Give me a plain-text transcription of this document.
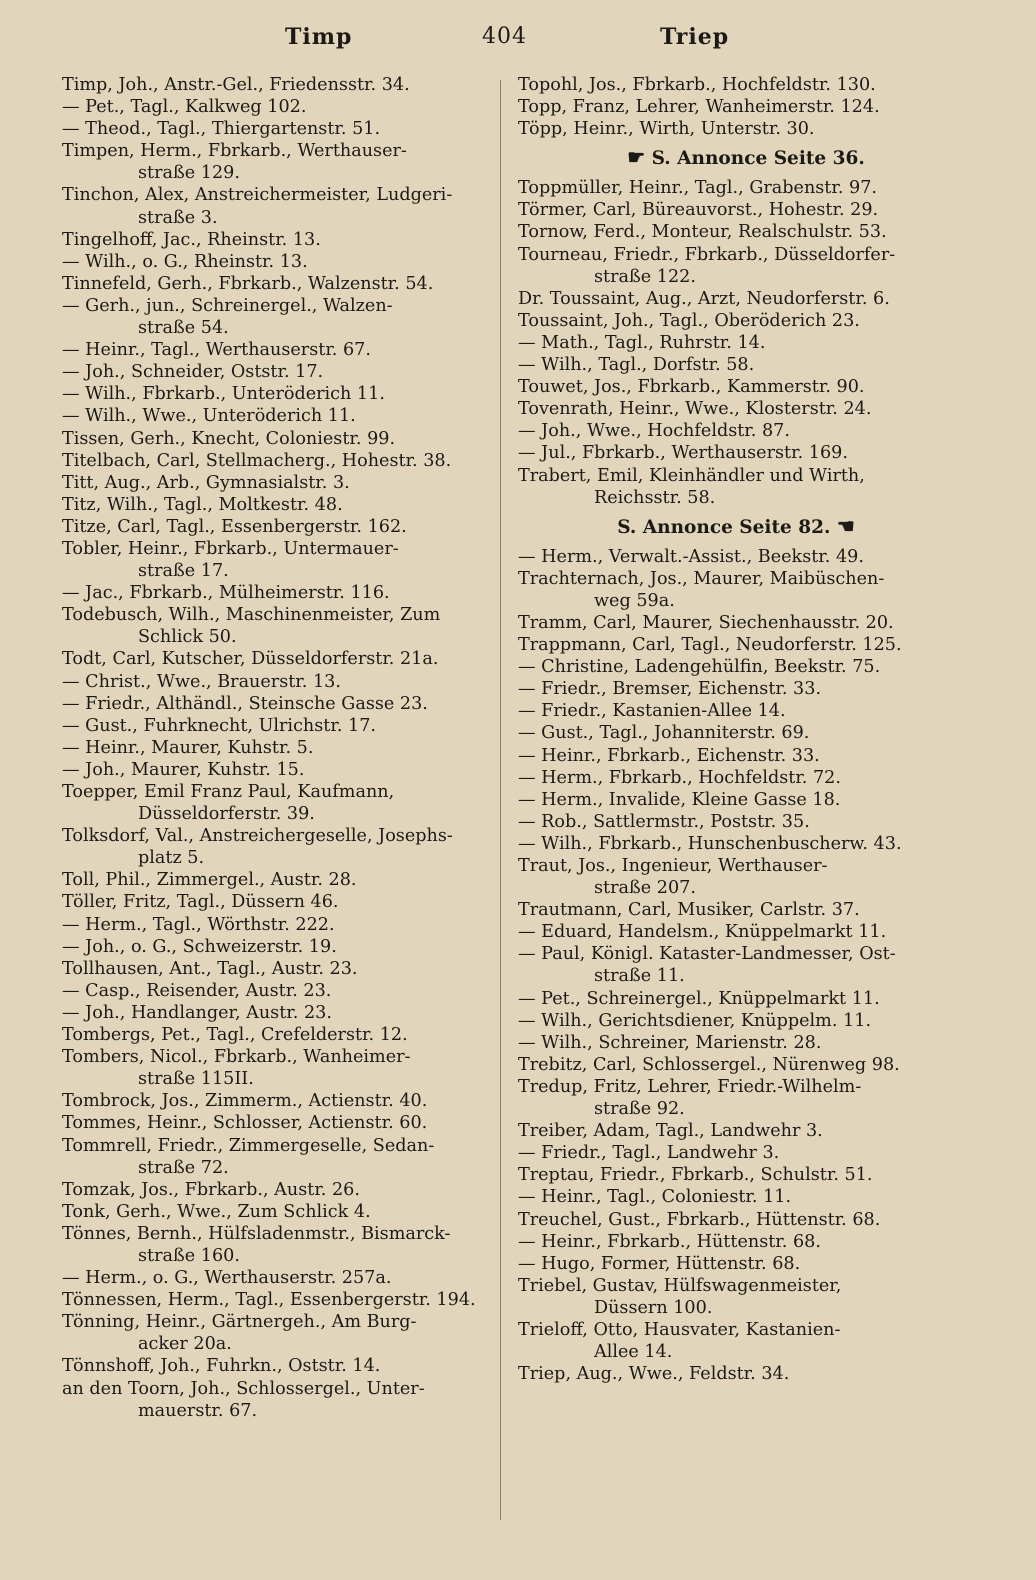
Timp	404	Triep
Timp, Joh., Anstr.-Gel., Friedensstr. 34.
— Pet., Tagl., Kalkweg 102.
— Theod., Tagl., Thiergartenstr. 51.
Timpen, Herm., Fbrkarb., Werthauser-
straße 129.
Tinchon, Alex, Anstreichermeister, Ludgeri-
straße 3.
Tingelhoff, Jac., Rheinstr. 13.
— Wilh., o. G., Rheinstr. 13.
Tinnefeld, Gerh., Fbrkarb., Walzenstr. 54.
— Gerh., jun., Schreinergel., Walzen-
straße 54.
— Heinr., Tagl., Werthauserstr. 67.
— Joh., Schneider, Oststr. 17.
— Wilh., Fbrkarb., Unteröderich 11.
— Wilh., Wwe., Unteröderich 11.
Tissen, Gerh., Knecht, Coloniestr. 99.
Titelbach, Carl, Stellmacherg., Hohestr. 38.
Titt, Aug., Arb., Gymnasialstr. 3.
Titz, Wilh., Tagl., Moltkestr. 48.
Titze, Carl, Tagl., Essenbergerstr. 162.
Tobler, Heinr., Fbrkarb., Untermauer-
straße 17.
— Jac., Fbrkarb., Mülheimerstr. 116.
Todebusch, Wilh., Maschinenmeister, Zum
Schlick 50.
Todt, Carl, Kutscher, Düsseldorferstr. 21a.
— Christ., Wwe., Brauerstr. 13.
— Friedr., Althändl., Steinsche Gasse 23.
— Gust., Fuhrknecht, Ulrichstr. 17.
— Heinr., Maurer, Kuhstr. 5.
— Joh., Maurer, Kuhstr. 15.
Toepper, Emil Franz Paul, Kaufmann,
Düsseldorferstr. 39.
Tolksdorf, Val., Anstreichergeselle, Josephs-
platz 5.
Toll, Phil., Zimmergel., Austr. 28.
Töller, Fritz, Tagl., Düssern 46.
— Herm., Tagl., Wörthstr. 222.
— Joh., o. G., Schweizerstr. 19.
Tollhausen, Ant., Tagl., Austr. 23.
— Casp., Reisender, Austr. 23.
— Joh., Handlanger, Austr. 23.
Tombergs, Pet., Tagl., Crefelderstr. 12.
Tombers, Nicol., Fbrkarb., Wanheimer-
straße 115II.
Tombrock, Jos., Zimmerm., Actienstr. 40.
Tommes, Heinr., Schlosser, Actienstr. 60.
Tommrell, Friedr., Zimmergeselle, Sedan-
straße 72.
Tomzak, Jos., Fbrkarb., Austr. 26.
Tonk, Gerh., Wwe., Zum Schlick 4.
Tönnes, Bernh., Hülfsladenmstr., Bismarck-
straße 160.
— Herm., o. G., Werthauserstr. 257a.
Tönnessen, Herm., Tagl., Essenbergerstr. 194.
Tönning, Heinr., Gärtnergeh., Am Burg-
acker 20a.
Tönnshoff, Joh., Fuhrkn., Oststr. 14.
an den Toorn, Joh., Schlossergel., Unter-
mauerstr. 67.
Topohl, Jos., Fbrkarb., Hochfeldstr. 130.
Topp, Franz, Lehrer, Wanheimerstr. 124.
Töpp, Heinr., Wirth, Unterstr. 30.
☛ S. Annonce Seite 36.
Toppmüller, Heinr., Tagl., Grabenstr. 97.
Törmer, Carl, Büreauvorst., Hohestr. 29.
Tornow, Ferd., Monteur, Realschulstr. 53.
Tourneau, Friedr., Fbrkarb., Düsseldorfer-
straße 122.
Dr. Toussaint, Aug., Arzt, Neudorferstr. 6.
Toussaint, Joh., Tagl., Oberöderich 23.
— Math., Tagl., Ruhrstr. 14.
— Wilh., Tagl., Dorfstr. 58.
Touwet, Jos., Fbrkarb., Kammerstr. 90.
Tovenrath, Heinr., Wwe., Klosterstr. 24.
— Joh., Wwe., Hochfeldstr. 87.
— Jul., Fbrkarb., Werthauserstr. 169.
Trabert, Emil, Kleinhändler und Wirth,
Reichsstr. 58.
S. Annonce Seite 82. ☚
— Herm., Verwalt.-Assist., Beekstr. 49.
Trachternach, Jos., Maurer, Maibüschen-
weg 59a.
Tramm, Carl, Maurer, Siechenhausstr. 20.
Trappmann, Carl, Tagl., Neudorferstr. 125.
— Christine, Ladengehülfin, Beekstr. 75.
— Friedr., Bremser, Eichenstr. 33.
— Friedr., Kastanien-Allee 14.
— Gust., Tagl., Johanniterstr. 69.
— Heinr., Fbrkarb., Eichenstr. 33.
— Herm., Fbrkarb., Hochfeldstr. 72.
— Herm., Invalide, Kleine Gasse 18.
— Rob., Sattlermstr., Poststr. 35.
— Wilh., Fbrkarb., Hunschenbuscherw. 43.
Traut, Jos., Ingenieur, Werthauser-
straße 207.
Trautmann, Carl, Musiker, Carlstr. 37.
— Eduard, Handelsm., Knüppelmarkt 11.
— Paul, Königl. Kataster-Landmesser, Ost-
straße 11.
— Pet., Schreinergel., Knüppelmarkt 11.
— Wilh., Gerichtsdiener, Knüppelm. 11.
— Wilh., Schreiner, Marienstr. 28.
Trebitz, Carl, Schlossergel., Nürenweg 98.
Tredup, Fritz, Lehrer, Friedr.-Wilhelm-
straße 92.
Treiber, Adam, Tagl., Landwehr 3.
— Friedr., Tagl., Landwehr 3.
Treptau, Friedr., Fbrkarb., Schulstr. 51.
— Heinr., Tagl., Coloniestr. 11.
Treuchel, Gust., Fbrkarb., Hüttenstr. 68.
— Heinr., Fbrkarb., Hüttenstr. 68.
— Hugo, Former, Hüttenstr. 68.
Triebel, Gustav, Hülfswagenmeister,
Düssern 100.
Trieloff, Otto, Hausvater, Kastanien-
Allee 14.
Triep, Aug., Wwe., Feldstr. 34.
